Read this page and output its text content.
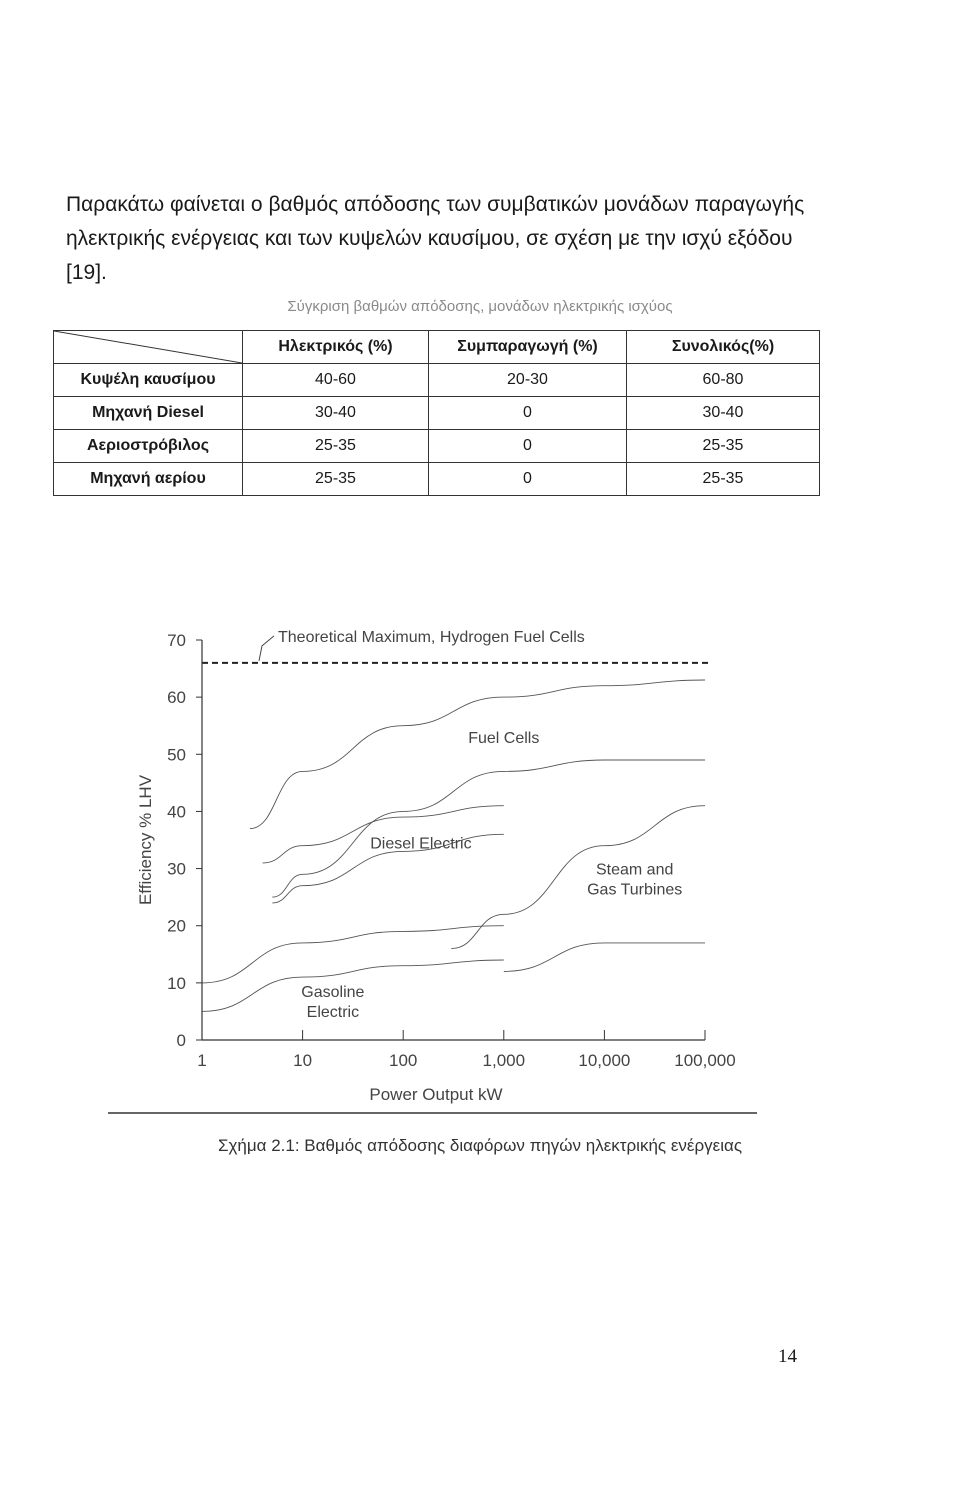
Παρακάτω φαίνεται ο βαθμός απόδοσης των συμβατικών μονάδων παραγωγής ηλεκτρικής ενέργειας και των κυψελών καυσίμου, σε σχέση με την ισχύ εξόδου [19].

Σύγκριση βαθμών απόδοσης, μονάδων ηλεκτρικής ισχύος
	Ηλεκτρικός (%)	Συμπαραγωγή (%)	Συνολικός(%)
Κυψέλη καυσίμου	40-60	20-30	60-80
Μηχανή Diesel	30-40	0	30-40
Αεριοστρόβιλος	25-35	0	25-35
Μηχανή αερίου	25-35	0	25-35
Theoretical Maximum, Hydrogen Fuel Cells
0
10
20
30
40
50
60
70
1	10	100	1,000	10,000	100,000
Fuel Cells
Diesel Electric
Steam and
Gas Turbines
Gasoline
Electric
Power Output kW
Efficiency % LHV
Σχήμα 2.1: Βαθμός απόδοσης διαφόρων πηγών ηλεκτρικής ενέργειας
14
